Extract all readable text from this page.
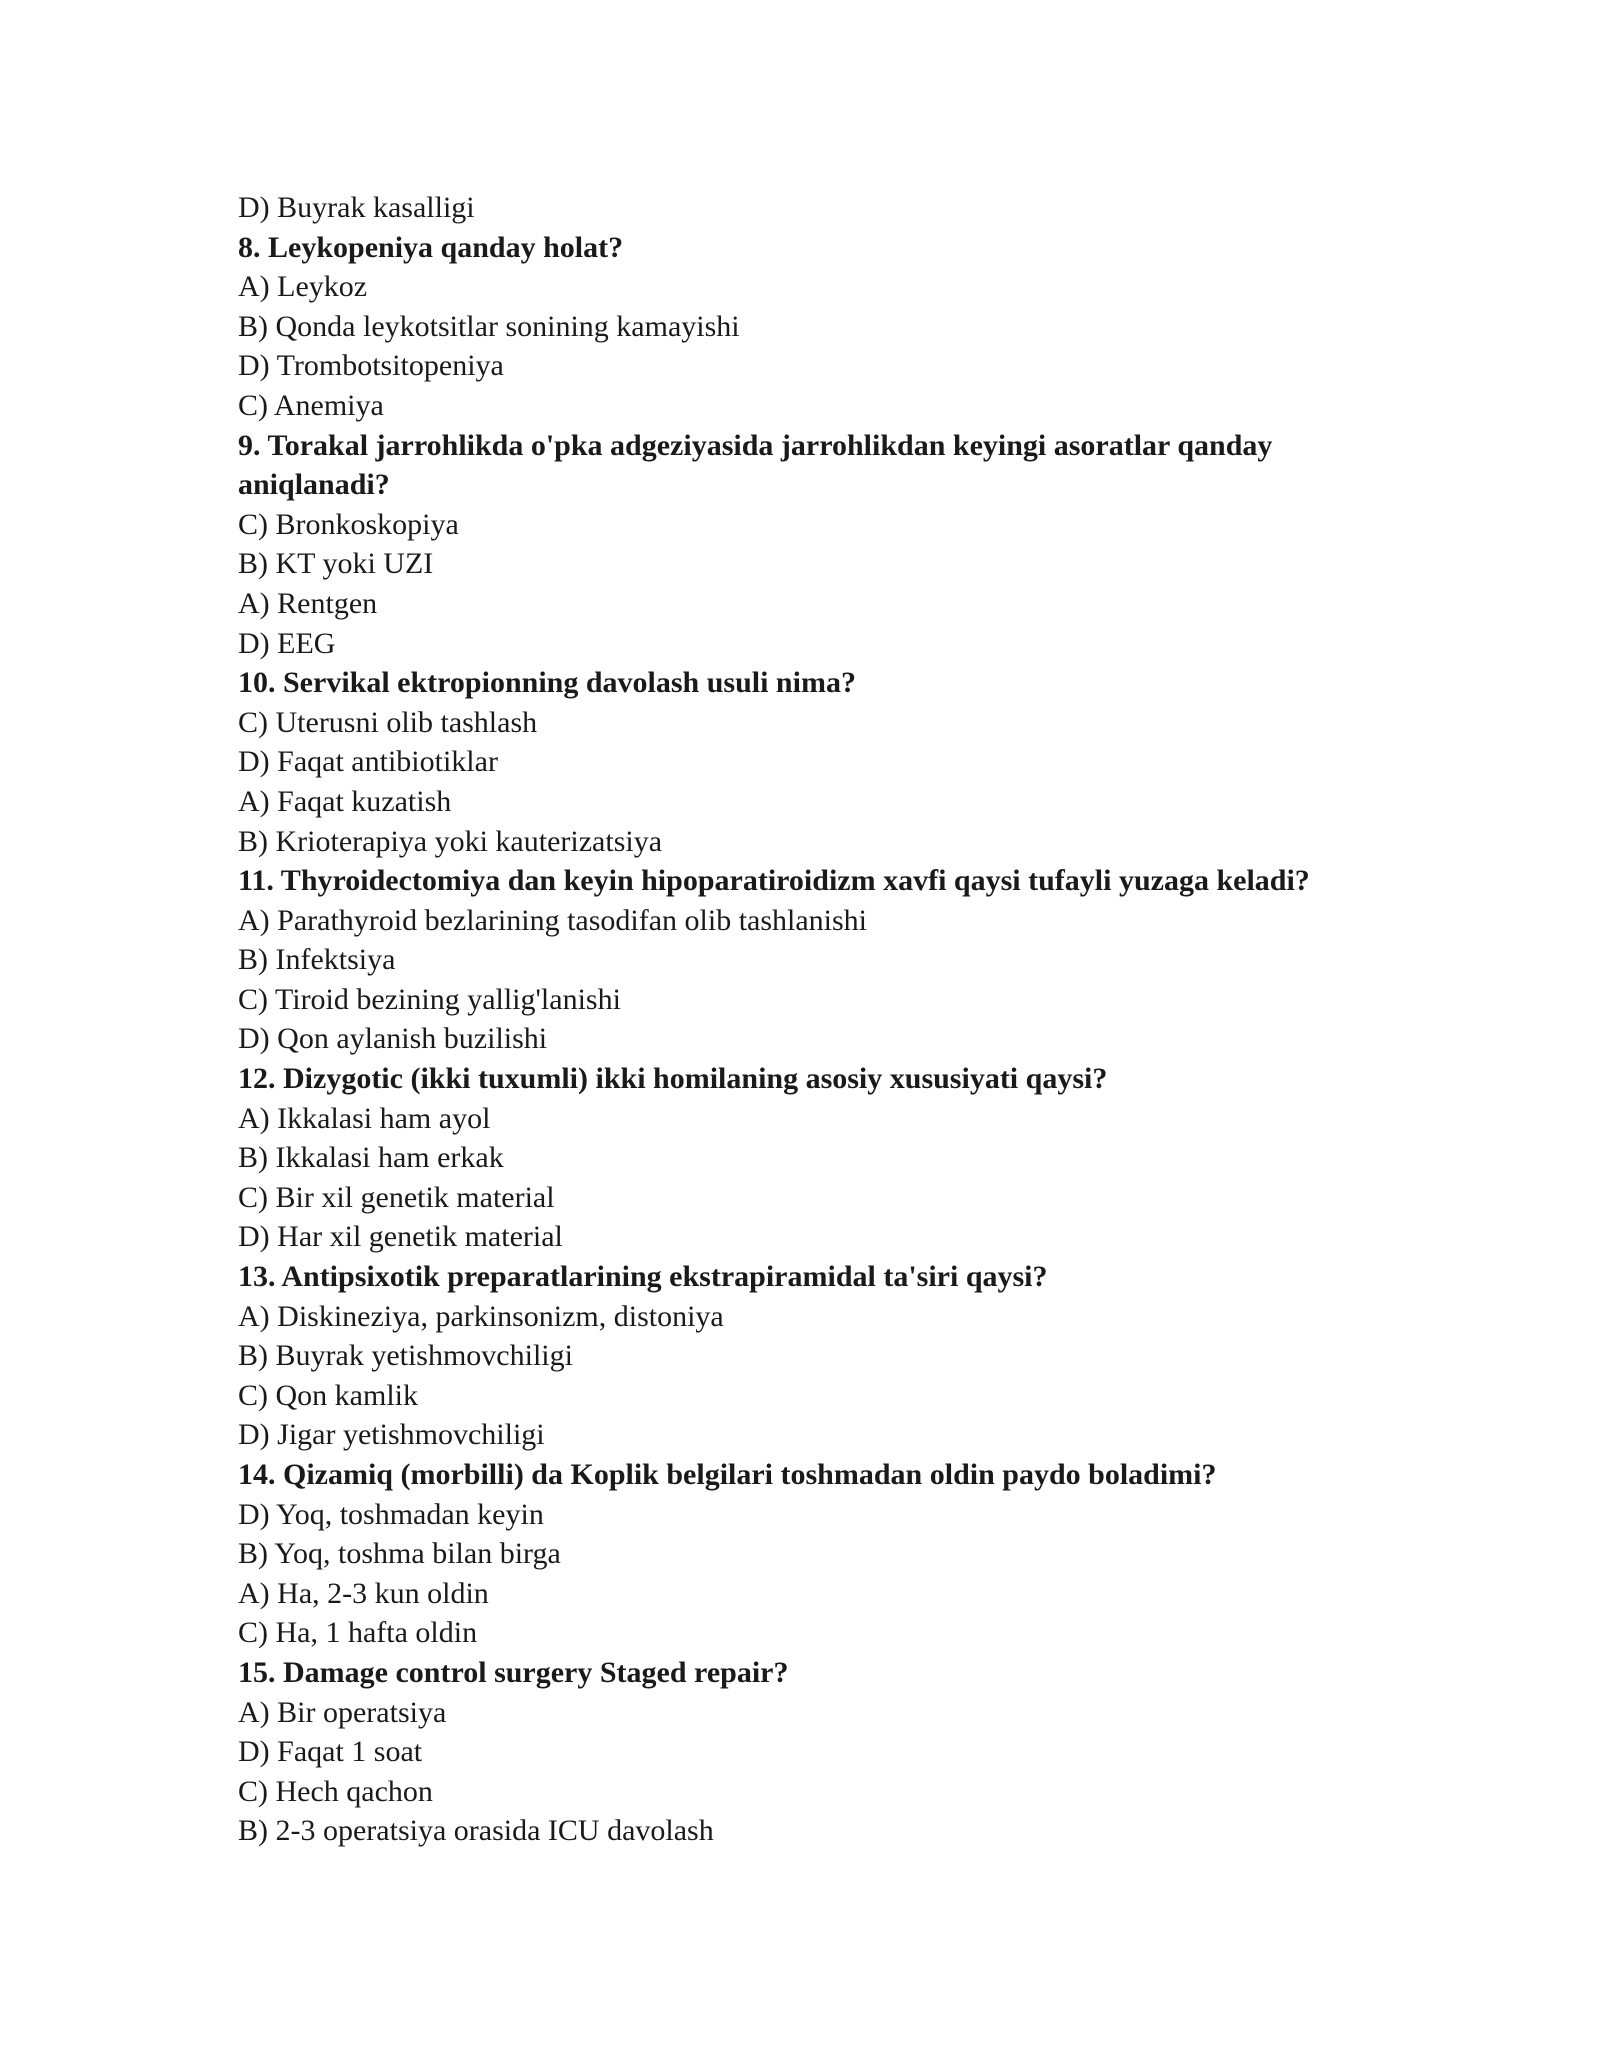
D) Buyrak kasalligi
8. Leykopeniya qanday holat?
A) Leykoz
B) Qonda leykotsitlar sonining kamayishi
D) Trombotsitopeniya
C) Anemiya
9. Torakal jarrohlikda o'pka adgeziyasida jarrohlikdan keyingi asoratlar qanday aniqlanadi?
C) Bronkoskopiya
B) KT yoki UZI
A) Rentgen
D) EEG
10. Servikal ektropionning davolash usuli nima?
C) Uterusni olib tashlash
D) Faqat antibiotiklar
A) Faqat kuzatish
B) Krioterapiya yoki kauterizatsiya
11. Thyroidectomiya dan keyin hipoparatiroidizm xavfi qaysi tufayli yuzaga keladi?
A) Parathyroid bezlarining tasodifan olib tashlanishi
B) Infektsiya
C) Tiroid bezining yallig'lanishi
D) Qon aylanish buzilishi
12. Dizygotic (ikki tuxumli) ikki homilaning asosiy xususiyati qaysi?
A) Ikkalasi ham ayol
B) Ikkalasi ham erkak
C) Bir xil genetik material
D) Har xil genetik material
13. Antipsixotik preparatlarining ekstrapiramidal ta'siri qaysi?
A) Diskineziya, parkinsonizm, distoniya
B) Buyrak yetishmovchiligi
C) Qon kamlik
D) Jigar yetishmovchiligi
14. Qizamiq (morbilli) da Koplik belgilari toshmadan oldin paydo boladimi?
D) Yoq, toshmadan keyin
B) Yoq, toshma bilan birga
A) Ha, 2-3 kun oldin
C) Ha, 1 hafta oldin
15. Damage control surgery Staged repair?
A) Bir operatsiya
D) Faqat 1 soat
C) Hech qachon
B) 2-3 operatsiya orasida ICU davolash
